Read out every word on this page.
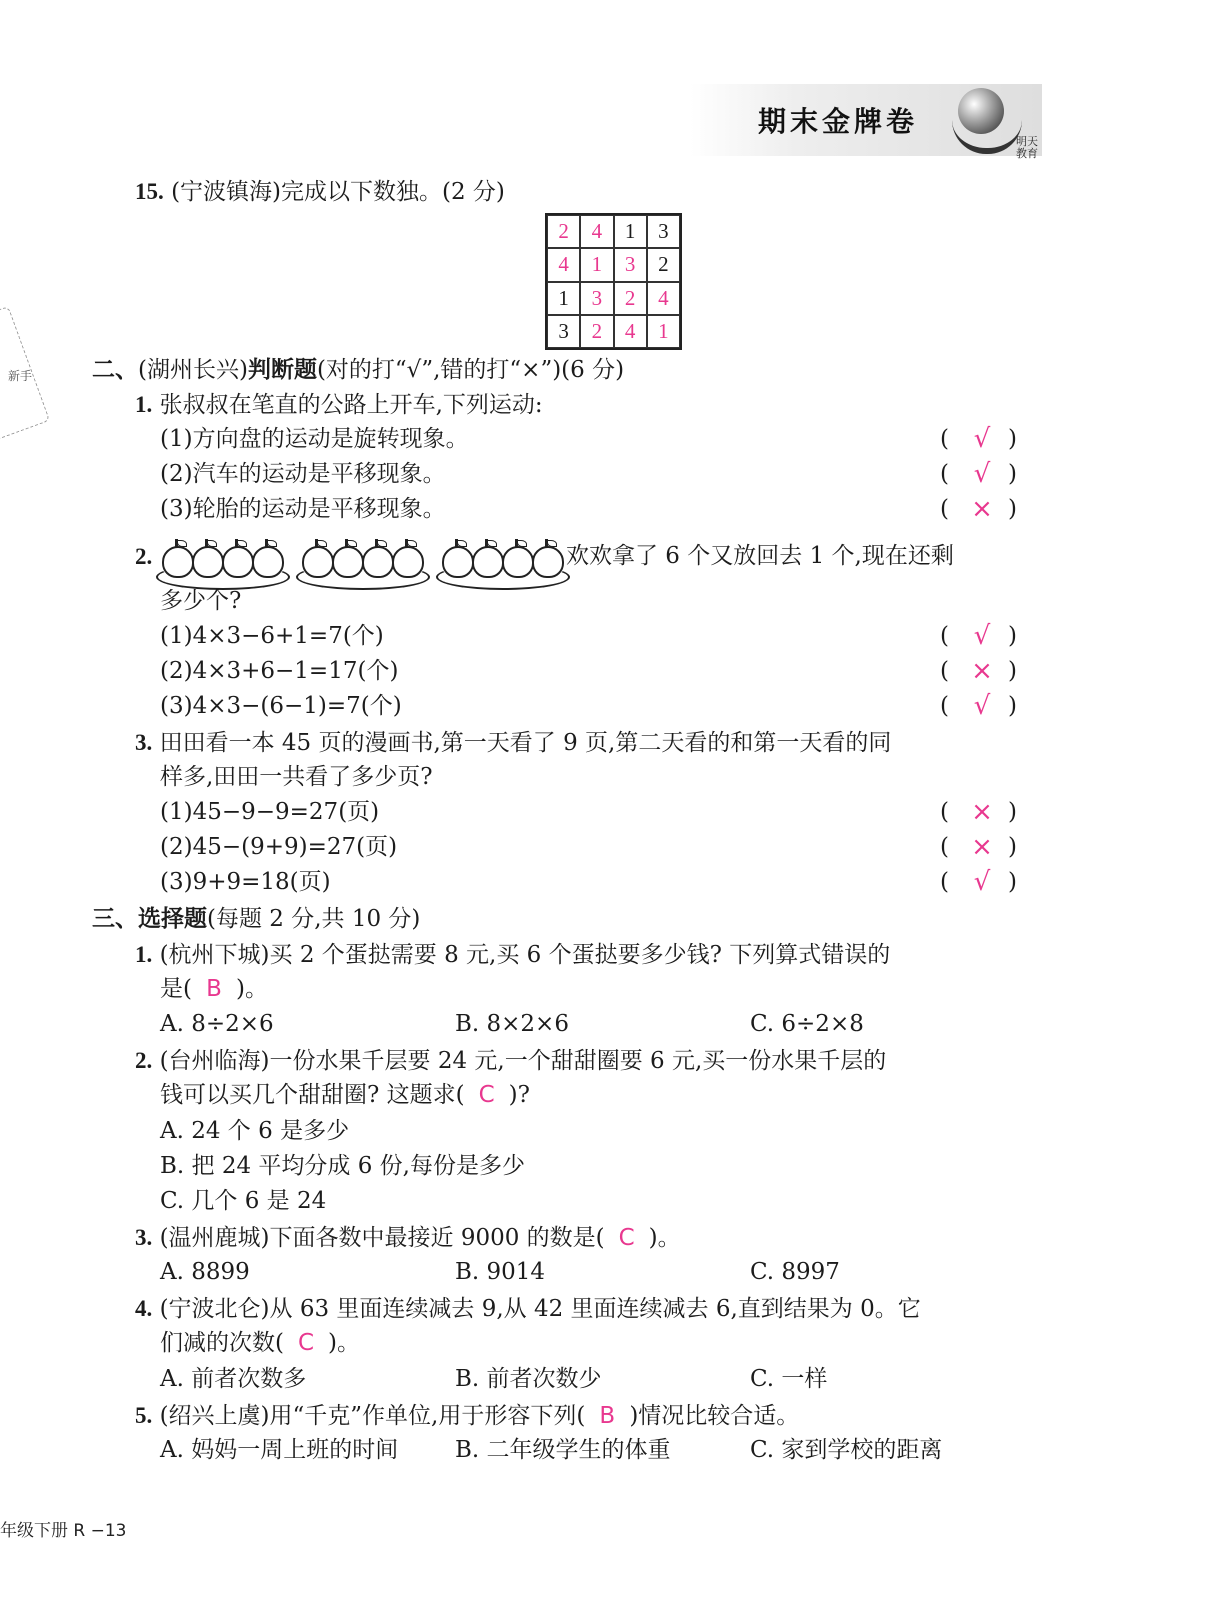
期末金牌卷
明天教育
新手
15. (宁波镇海)完成以下数独。(2 分)
2	4	1	3
4	1	3	2
1	3	2	4
3	2	4	1
二、(湖州长兴)判断题(对的打“√”,错的打“×”)(6 分)
1. 张叔叔在笔直的公路上开车,下列运动:
(1)方向盘的运动是旋转现象。	( √ )
(2)汽车的运动是平移现象。	( √ )
(3)轮胎的运动是平移现象。	( × )
2.	欢欢拿了 6 个又放回去 1 个,现在还剩
多少个?
(1)4×3−6+1=7(个)	( √ )
(2)4×3+6−1=17(个)	( × )
(3)4×3−(6−1)=7(个)	( √ )
3. 田田看一本 45 页的漫画书,第一天看了 9 页,第二天看的和第一天看的同
样多,田田一共看了多少页?
(1)45−9−9=27(页)	( × )
(2)45−(9+9)=27(页)	( × )
(3)9+9=18(页)	( √ )
三、选择题(每题 2 分,共 10 分)
1. (杭州下城)买 2 个蛋挞需要 8 元,买 6 个蛋挞要多少钱? 下列算式错误的
是( B )。
A. 8÷2×6	B. 8×2×6	C. 6÷2×8
2. (台州临海)一份水果千层要 24 元,一个甜甜圈要 6 元,买一份水果千层的
钱可以买几个甜甜圈? 这题求( C )?
A. 24 个 6 是多少
B. 把 24 平均分成 6 份,每份是多少
C. 几个 6 是 24
3. (温州鹿城)下面各数中最接近 9000 的数是( C )。
A. 8899	B. 9014	C. 8997
4. (宁波北仑)从 63 里面连续减去 9,从 42 里面连续减去 6,直到结果为 0。它
们减的次数( C )。
A. 前者次数多	B. 前者次数少	C. 一样
5. (绍兴上虞)用“千克”作单位,用于形容下列( B )情况比较合适。
A. 妈妈一周上班的时间 B. 二年级学生的体重	C. 家到学校的距离
年级下册 R −13
